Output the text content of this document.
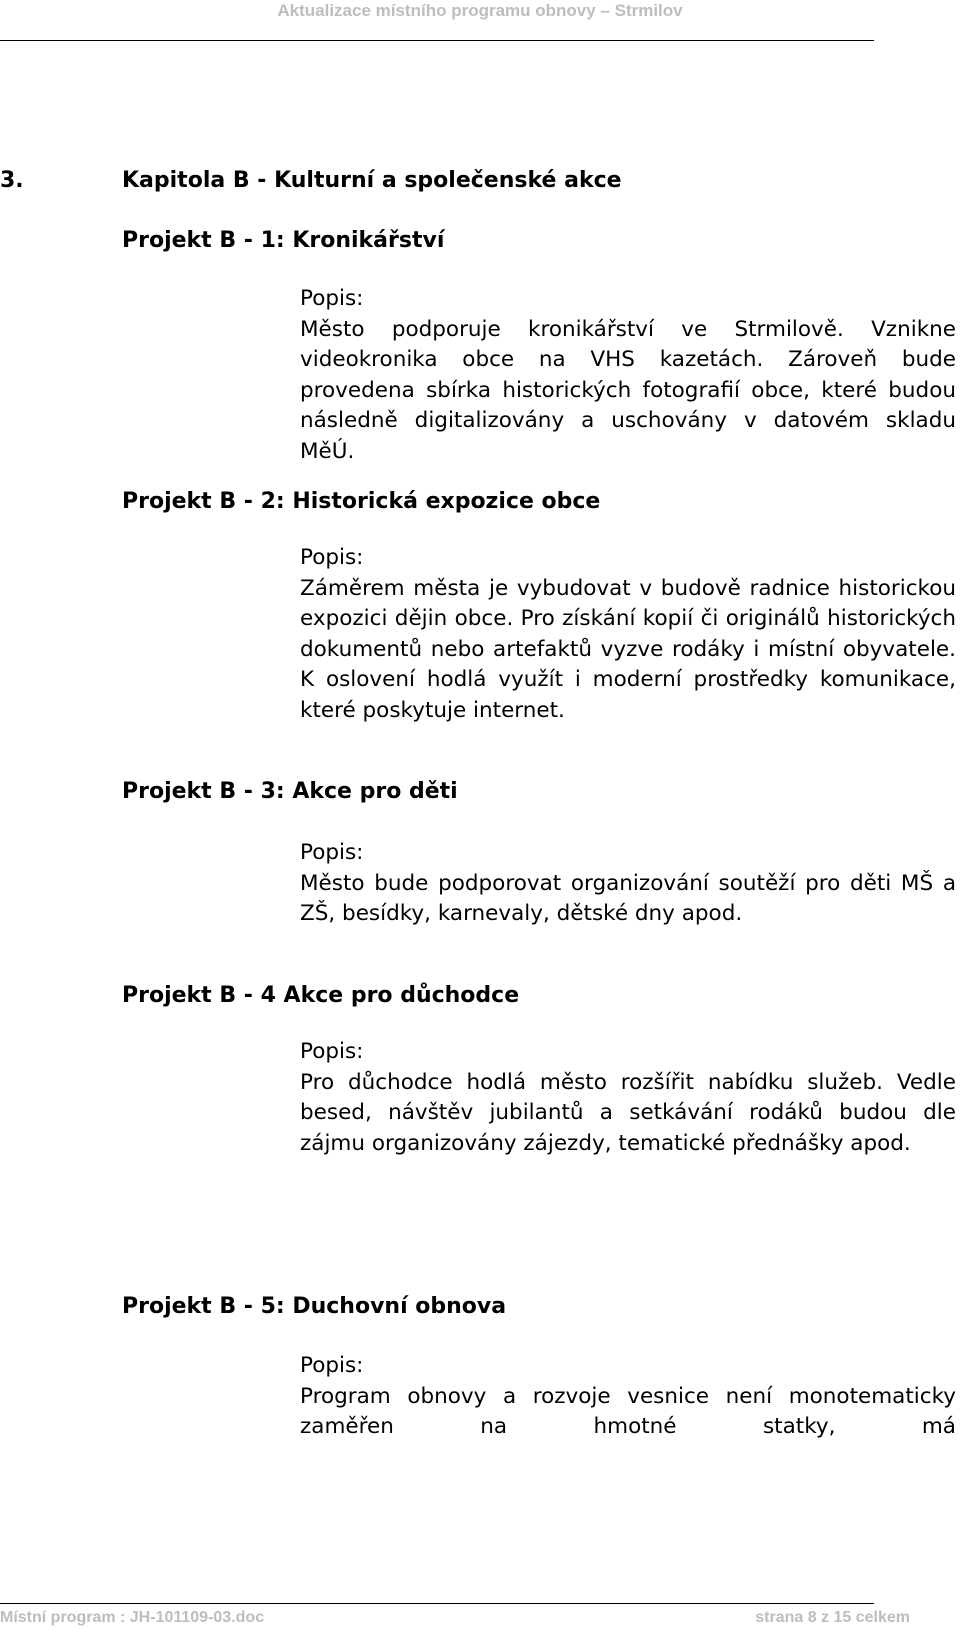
Aktualizace místního programu obnovy – Strmilov
3.	Kapitola B - Kulturní a společenské akce
Projekt B - 1: Kronikářství
Popis:
Město podporuje kronikářství ve Strmilově. Vznikne videokronika obce na VHS kazetách. Zároveň bude provedena sbírka historických fotografií obce, které budou následně digitalizovány a uschovány v datovém skladu MěÚ.
Projekt B - 2: Historická expozice obce
Popis:
Záměrem města je vybudovat v budově radnice historickou expozici dějin obce. Pro získání kopií či originálů historických dokumentů nebo artefaktů vyzve rodáky i místní obyvatele. K oslovení hodlá využít i moderní prostředky komunikace, které poskytuje internet.
Projekt B - 3: Akce pro děti
Popis:
Město bude podporovat organizování soutěží pro děti MŠ a ZŠ, besídky, karnevaly, dětské dny apod.
Projekt B - 4 Akce pro důchodce
Popis:
Pro důchodce hodlá město rozšířit nabídku služeb. Vedle besed, návštěv jubilantů a setkávání rodáků budou dle zájmu organizovány zájezdy, tematické přednášky apod.
Projekt B - 5: Duchovní obnova
Popis:
Program obnovy a rozvoje vesnice není monotematicky zaměřen na hmotné statky, má
Místní program : JH-101109-03.doc	strana 8 z 15 celkem
